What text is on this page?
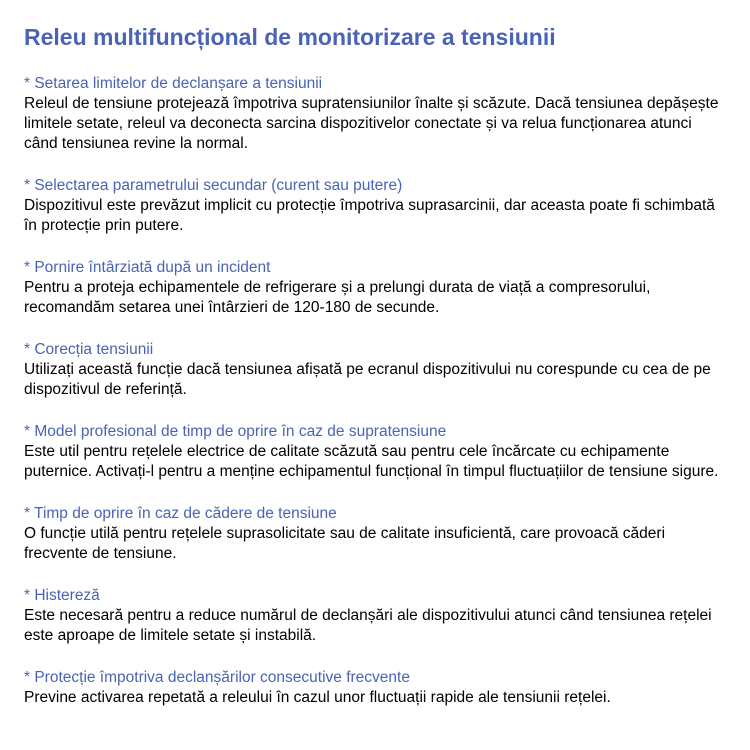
Releu multifuncțional de monitorizare a tensiunii

* Setarea limitelor de declanșare a tensiunii

Releul de tensiune protejează împotriva supratensiunilor înalte și scăzute. Dacă tensiunea depășește limitele setate, releul va deconecta sarcina dispozitivelor conectate și va relua funcționarea atunci când tensiunea revine la normal.

* Selectarea parametrului secundar (curent sau putere)

Dispozitivul este prevăzut implicit cu protecție împotriva suprasarcinii, dar aceasta poate fi schimbată în protecție prin putere.

* Pornire întârziată după un incident

Pentru a proteja echipamentele de refrigerare și a prelungi durata de viață a compresorului, recomandăm setarea unei întârzieri de 120-180 de secunde.

* Corecția tensiunii

Utilizați această funcție dacă tensiunea afișată pe ecranul dispozitivului nu corespunde cu cea de pe dispozitivul de referință.

* Model profesional de timp de oprire în caz de supratensiune

Este util pentru rețelele electrice de calitate scăzută sau pentru cele încărcate cu echipamente puternice. Activați-l pentru a menține echipamentul funcțional în timpul fluctuațiilor de tensiune sigure.

* Timp de oprire în caz de cădere de tensiune

O funcție utilă pentru rețelele suprasolicitate sau de calitate insuficientă, care provoacă căderi frecvente de tensiune.

* Histereză

Este necesară pentru a reduce numărul de declanșări ale dispozitivului atunci când tensiunea rețelei este aproape de limitele setate și instabilă.

* Protecție împotriva declanșărilor consecutive frecvente

Previne activarea repetată a releului în cazul unor fluctuații rapide ale tensiunii rețelei.
